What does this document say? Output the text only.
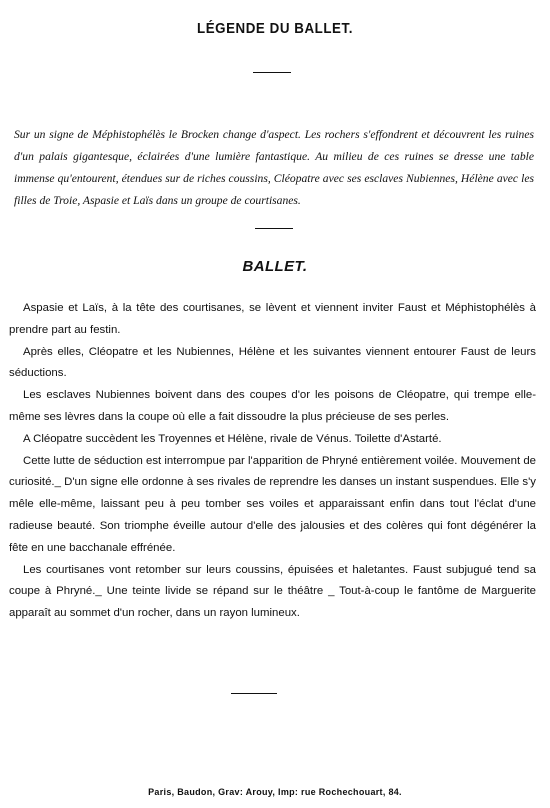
LÉGENDE DU BALLET.

Sur un signe de Méphistophélès le Brocken change d'aspect. Les rochers s'effondrent et découvrent les ruines d'un palais gigantesque, éclairées d'une lumière fantastique. Au milieu de ces ruines se dresse une table immense qu'entourent, étendues sur de riches coussins, Cléopatre avec ses esclaves Nubiennes, Hélène avec les filles de Troie, Aspasie et Laïs dans un groupe de courtisanes.

BALLET.

Aspasie et Laïs, à la tête des courtisanes, se lèvent et viennent inviter Faust et Méphistophélès à prendre part au festin.

Après elles, Cléopatre et les Nubiennes, Hélène et les suivantes viennent entourer Faust de leurs séductions.

Les esclaves Nubiennes boivent dans des coupes d'or les poisons de Cléopatre, qui trempe elle-même ses lèvres dans la coupe où elle a fait dissoudre la plus précieuse de ses perles.

A Cléopatre succèdent les Troyennes et Hélène, rivale de Vénus. Toilette d'Astarté.

Cette lutte de séduction est interrompue par l'apparition de Phryné entièrement voilée. Mouvement de curiosité._ D'un signe elle ordonne à ses rivales de reprendre les danses un instant suspendues. Elle s'y mêle elle-même, laissant peu à peu tomber ses voiles et apparaissant enfin dans tout l'éclat d'une radieuse beauté. Son triomphe éveille autour d'elle des jalousies et des colères qui font dégénérer la fête en une bacchanale effrénée.

Les courtisanes vont retomber sur leurs coussins, épuisées et haletantes. Faust subjugué tend sa coupe à Phryné._ Une teinte livide se répand sur le théâtre _ Tout-à-coup le fantôme de Marguerite apparaît au sommet d'un rocher, dans un rayon lumineux.

Paris, Baudon, Grav: Arouy, Imp: rue Rochechouart, 84.
